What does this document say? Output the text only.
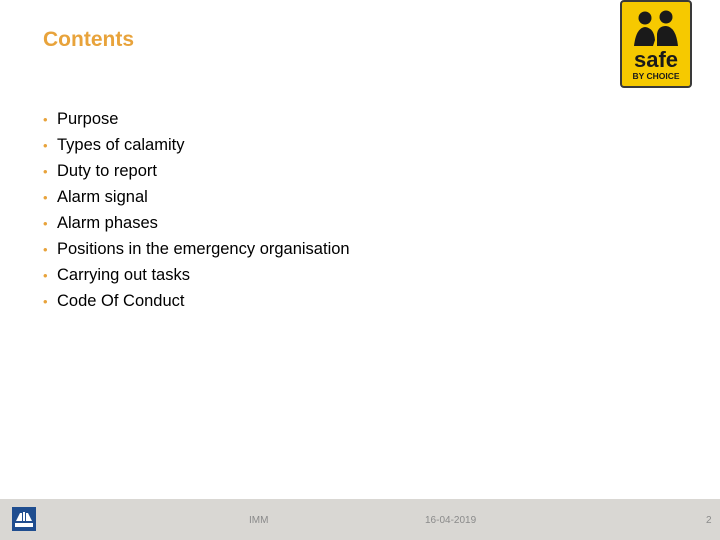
Contents
safe
BY CHOICE
• Purpose
• Types of calamity
• Duty to report
• Alarm signal
• Alarm phases
• Positions in the emergency organisation
• Carrying out tasks
• Code Of Conduct
IMM	16-04-2019	2
